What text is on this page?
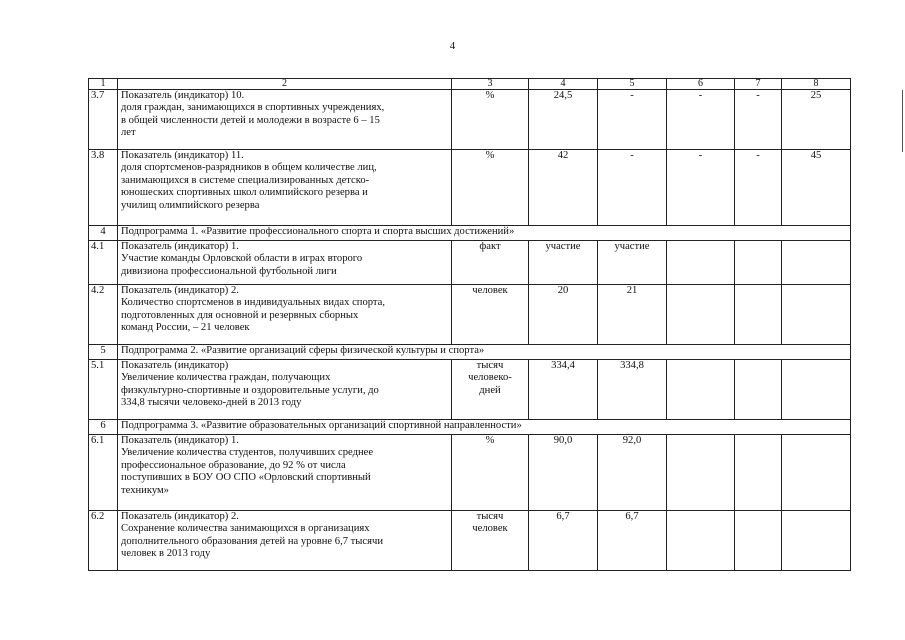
4
1	2	3	4	5	6	7	8
3.7	Показатель (индикатор) 10.
доля граждан, занимающихся в спортивных учреждениях,
в общей численности детей и молодежи в возрасте 6 – 15
лет	%	24,5	-	-	-	25
3.8	Показатель (индикатор) 11.
доля спортсменов-разрядников в общем количестве лиц,
занимающихся в системе специализированных детско-
юношеских спортивных школ олимпийского резерва и
училищ олимпийского резерва	%	42	-	-	-	45
4	Подпрограмма 1. «Развитие профессионального спорта и спорта высших достижений»						
4.1	Показатель (индикатор) 1.
Участие команды Орловской области в играх второго
дивизиона профессиональной футбольной лиги	факт	участие	участие			
4.2	Показатель (индикатор) 2.
Количество спортсменов в индивидуальных видах спорта,
подготовленных для основной и резервных сборных
команд России, – 21 человек	человек	20	21			
5	Подпрограмма 2. «Развитие организаций сферы физической культуры и спорта»						
5.1	Показатель (индикатор)
Увеличение количества граждан, получающих
физкультурно-спортивные и оздоровительные услуги, до
334,8 тысячи человеко-дней в 2013 году	тысяч
человеко-
дней	334,4	334,8			
6	Подпрограмма 3. «Развитие образовательных организаций спортивной направленности»						
6.1	Показатель (индикатор) 1.
Увеличение количества студентов, получивших среднее
профессиональное образование, до 92 % от числа
поступивших в БОУ ОО СПО «Орловский спортивный
техникум»	%	90,0	92,0			
6.2	Показатель (индикатор) 2.
Сохранение количества занимающихся в организациях
дополнительного образования детей на уровне 6,7 тысячи
человек в 2013 году	тысяч
человек	6,7	6,7			
